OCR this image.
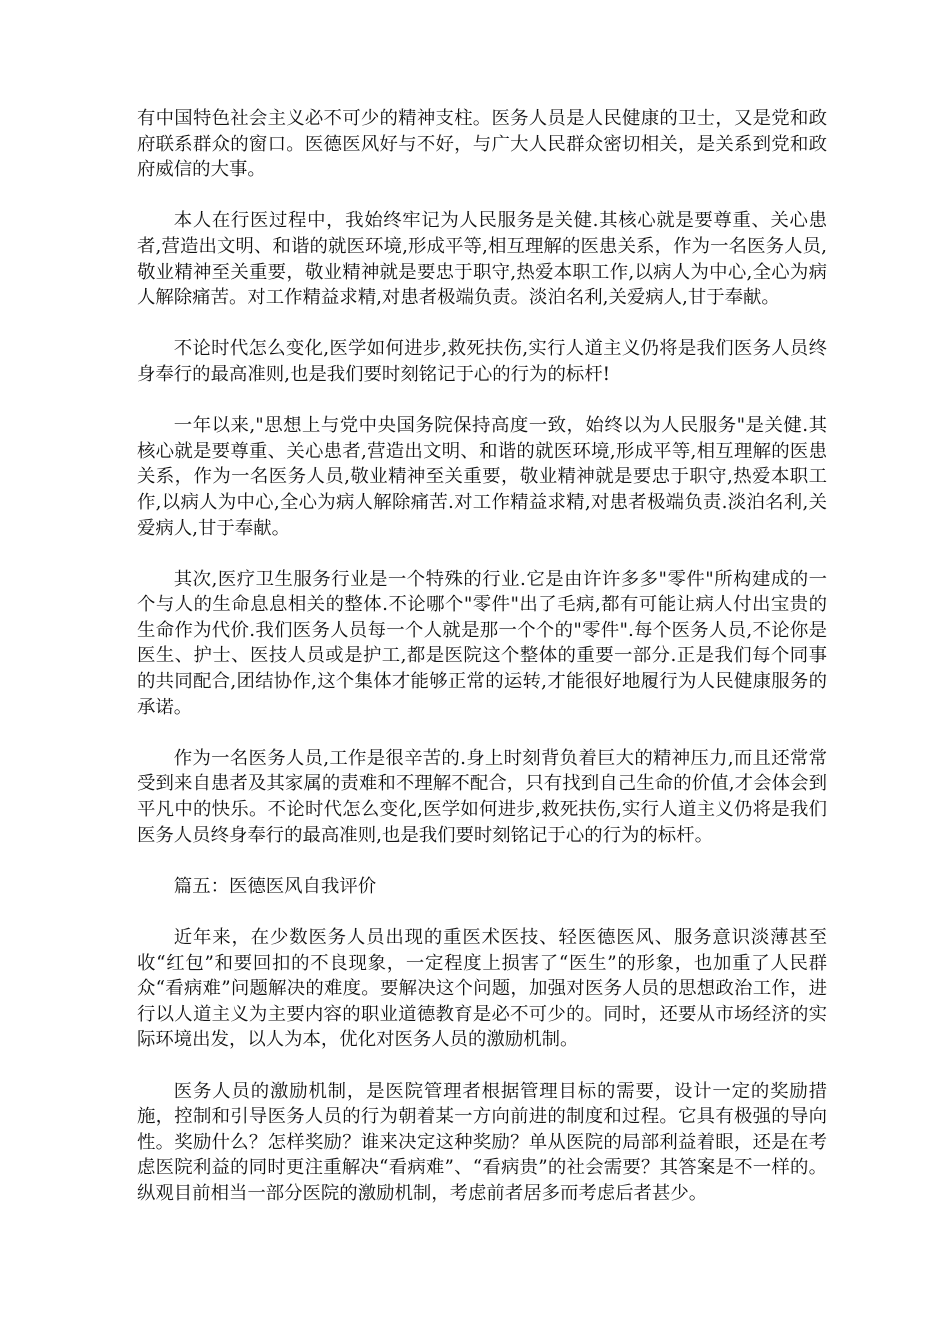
有中国特色社会主义必不可少的精神支柱。医务人员是人民健康的卫士，又是党和政府联系群众的窗口。医德医风好与不好，与广大人民群众密切相关，是关系到党和政府威信的大事。

本人在行医过程中，我始终牢记为人民服务是关健.其核心就是要尊重、关心患者,营造出文明、和谐的就医环境,形成平等,相互理解的医患关系，作为一名医务人员,敬业精神至关重要，敬业精神就是要忠于职守,热爱本职工作,以病人为中心,全心为病人解除痛苦。对工作精益求精,对患者极端负责。淡泊名利,关爱病人,甘于奉献。

不论时代怎么变化,医学如何进步,救死扶伤,实行人道主义仍将是我们医务人员终身奉行的最高准则,也是我们要时刻铭记于心的行为的标杆!

一年以来,"思想上与党中央国务院保持高度一致，始终以为人民服务"是关健.其核心就是要尊重、关心患者,营造出文明、和谐的就医环境,形成平等,相互理解的医患关系，作为一名医务人员,敬业精神至关重要，敬业精神就是要忠于职守,热爱本职工作,以病人为中心,全心为病人解除痛苦.对工作精益求精,对患者极端负责.淡泊名利,关爱病人,甘于奉献。

其次,医疗卫生服务行业是一个特殊的行业.它是由许许多多"零件"所构建成的一个与人的生命息息相关的整体.不论哪个"零件"出了毛病,都有可能让病人付出宝贵的生命作为代价.我们医务人员每一个人就是那一个个的"零件".每个医务人员,不论你是医生、护士、医技人员或是护工,都是医院这个整体的重要一部分.正是我们每个同事的共同配合,团结协作,这个集体才能够正常的运转,才能很好地履行为人民健康服务的承诺。

作为一名医务人员,工作是很辛苦的.身上时刻背负着巨大的精神压力,而且还常常受到来自患者及其家属的责难和不理解不配合，只有找到自己生命的价值,才会体会到平凡中的快乐。不论时代怎么变化,医学如何进步,救死扶伤,实行人道主义仍将是我们医务人员终身奉行的最高准则,也是我们要时刻铭记于心的行为的标杆。

篇五：医德医风自我评价

近年来，在少数医务人员出现的重医术医技、轻医德医风、服务意识淡薄甚至收“红包”和要回扣的不良现象，一定程度上损害了“医生”的形象，也加重了人民群众“看病难”问题解决的难度。要解决这个问题，加强对医务人员的思想政治工作，进行以人道主义为主要内容的职业道德教育是必不可少的。同时，还要从市场经济的实际环境出发，以人为本，优化对医务人员的激励机制。

医务人员的激励机制，是医院管理者根据管理目标的需要，设计一定的奖励措施，控制和引导医务人员的行为朝着某一方向前进的制度和过程。它具有极强的导向性。奖励什么？怎样奖励？谁来决定这种奖励？单从医院的局部利益着眼，还是在考虑医院利益的同时更注重解决“看病难”、“看病贵”的社会需要？其答案是不一样的。纵观目前相当一部分医院的激励机制，考虑前者居多而考虑后者甚少。
